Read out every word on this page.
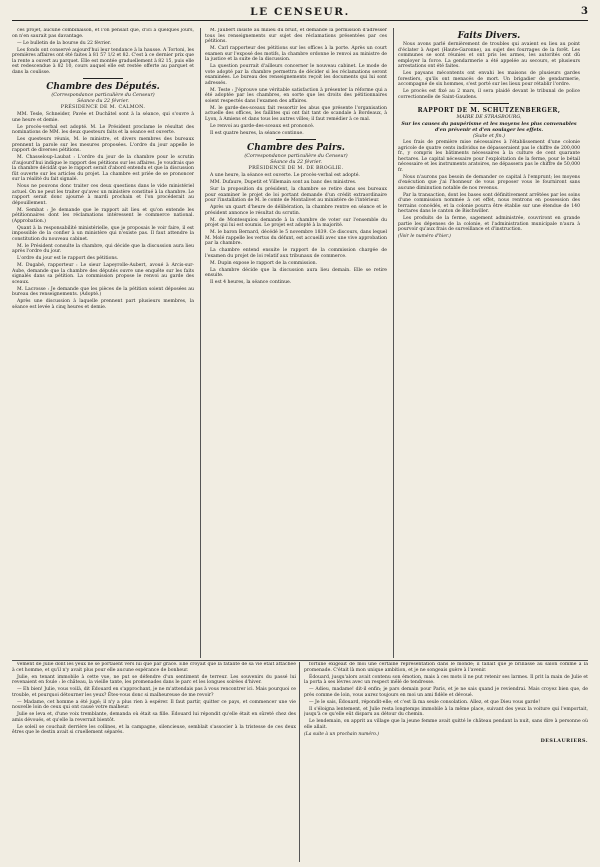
LE CENSEUR.	3

ces projet, aucune combinaison, et l'on pensait que, d'ici à quelques jours, on n'en saurait pas davantage.

— Le bulletin de la bourse du 22 février.

Les fonds ont conservé aujourd'hui leur tendance à la hausse. A Tortoni, les premières affaires ont été faites à 81 57 1/2 et 82. C'est à ce dernier prix que la rente a ouvert au parquet. Elle est montée graduellement à 82 15, puis elle est redescendue à 82 10, cours auquel elle est restée offerte au parquet et dans la coulisse.

Chambre des Députés.
(Correspondance particulière du Censeur)
Séance du 22 février.
PRÉSIDENCE DE M. CALMON.

MM. Tesle, Schneider, Pavée et Duchâtel sont à la séance, qui s'ouvre à une heure et demie.

Le procès-verbal est adopté. M. Le Président proclame le résultat des nominations de MM. les deux questeurs faits et la séance est ouverte.

Les questeurs réunis, M. le ministre, et divers membres des bureaux prennent la parole sur les mesures proposées. L'ordre du jour appelle le rapport de diverses pétitions.

M. Chasseloup-Laubat : L'ordre du jour de la chambre pour le scrutin d'aujourd'hui indique le rapport des pétitions sur les affaires. Je voudrais que la chambre décidât que le rapport serait d'abord entendu et que la discussion fût ouverte sur les articles du projet. La chambre est priée de se prononcer sur la réalité du fait signalé.

Nous ne pouvons donc traiter ces deux questions dans le vide ministériel actuel. On ne peut les traiter qu'avec un ministère constitué à la chambre. Le rapport serait donc ajourné à mardi prochain et l'on procéderait au dépouillement.

M. Sembat : Je demande que le rapport ait lieu et qu'on entende les pétitionnaires dont les réclamations intéressent le commerce national. (Approbation.)

Quant à la responsabilité ministérielle, que je proposais le voir faire, il est impossible de la confier à un ministère qui n'existe pas. Il faut attendre la constitution du nouveau cabinet.

M. le Président consulte la chambre, qui décide que la discussion aura lieu après l'ordre du jour.

L'ordre du jour est le rapport des pétitions.

M. Dugabé, rapporteur : Le sieur Lapeyrolle-Aubert, avoué à Arcis-sur-Aube, demande que la chambre des députés ouvre une enquête sur les faits signalés dans sa pétition. La commission propose le renvoi au garde des sceaux.

M. Lacrosse : Je demande que les pièces de la pétition soient déposées au bureau des renseignements. (Adopté.)

Après une discussion à laquelle prennent part plusieurs membres, la séance est levée à cinq heures et demie.

M. Jaubert insiste au milieu du bruit, et demande la permission d'adresser tous les renseignements sur sujet des réclamations présentées par ces pétitions.

M. Carl rapporteur des pétitions sur les offices à la porte. Après un court examen sur l'exposé des motifs, la chambre ordonne le renvoi au ministre de la justice et la suite de la discussion.

La question pourrait d'ailleurs concerner le nouveau cabinet. Le mode de vote adopté par la chambre permettra de décider si les réclamations seront examinées. Le bureau des renseignements reçoit les documents qui lui sont adressés.

M. Teste : J'éprouve une véritable satisfaction à présenter la réforme qui a été adoptée par les chambres, en sorte que les droits des pétitionnaires soient respectés dans l'examen des affaires.

M. le garde-des-sceaux fait ressortir les abus que présente l'organisation actuelle des offices, les faillites qui ont fait tant de scandale à Bordeaux, à Lyon, à Amiens et dans tous les autres villes; il faut remédier à ce mal.

Le renvoi au garde-des-sceaux est prononcé.

Il est quatre heures, la séance continue.

Chambre des Pairs.
(Correspondance particulière du Censeur)
Séance du 22 février.
PRÉSIDENCE DE M. DE BROGLIE.

A une heure, la séance est ouverte. Le procès-verbal est adopté.

MM. Dufaure, Dupetit et Villemain sont au banc des ministres.

Sur la proposition du président, la chambre se retire dans ses bureaux pour examiner le projet de loi portant demande d'un crédit extraordinaire pour l'installation de M. le comte de Montalivet au ministère de l'intérieur.

Après un quart d'heure de délibération, la chambre rentre en séance et le président annonce le résultat du scrutin.

M. de Montesquiou demande à la chambre de voter sur l'ensemble du projet qui lui est soumis. Le projet est adopté à la majorité.

M. le baron Bernard, décédé le 5 novembre 1839. Ce discours, dans lequel M. Molé rappelle les vertus du défunt, est accueilli avec une vive approbation par la chambre.

La chambre entend ensuite le rapport de la commission chargée de l'examen du projet de loi relatif aux tribunaux de commerce.

M. Dupin expose le rapport de la commission.

La chambre décide que la discussion aura lieu demain. Elle se retire ensuite.

Il est 4 heures, la séance continue.

Faits Divers.

Nous avons parlé dernièrement de troubles qui avaient eu lieu au point d'éclater à Aspet (Haute-Garonne), au sujet des fourrages de la forêt. Les communes se sont réunies et ont pris les armes, les autorités ont dû employer la force. La gendarmerie a été appelée au secours, et plusieurs arrestations ont été faites.

Les paysans mécontents ont envahi les maisons de plusieurs gardes forestiers, qu'ils ont menacés de mort. Un brigadier de gendarmerie, accompagné de six hommes, s'est porté sur les lieux pour rétablir l'ordre.

Le procès est fixé au 2 mars, il sera plaidé devant le tribunal de police correctionnelle de Saint-Gaudens.

RAPPORT DE M. SCHUTZENBERGER,
MAIRE DE STRASBOURG,
Sur les causes du paupérisme et les moyens les plus convenables d'en prévenir et d'en soulager les effets.
(Suite et fin.)

Les frais de première mise nécessaires à l'établissement d'une colonie agricole de quatre cents individus ne dépasseraient pas le chiffre de 200,000 fr., y compris les bâtiments nécessaires à la culture de cent quarante hectares. Le capital nécessaire pour l'exploitation de la ferme, pour le bétail nécessaire et les instruments aratoires, ne dépassera pas le chiffre de 50,000 fr.

Nous n'aurons pas besoin de demander ce capital à l'emprunt; les moyens d'exécution que j'ai l'honneur de vous proposer vous le fourniront sans aucune diminution notable de nos revenus.

Par la transaction, dont les bases sont définitivement arrêtées par les soins d'une commission nommée à cet effet, nous rentrons en possession des terrains concédés, et la colonie pourra être établie sur une étendue de 140 hectares dans le canton de Bischwiller.

Les produits de la ferme, sagement administrée, couvriront en grande partie les dépenses de la colonie, et l'administration municipale n'aura à pourvoir qu'aux frais de surveillance et d'instruction.

(Voir le numéro d'hier.)

vement de Julie dont les yeux ne se portaient vers lui que par grâce. Elle croyait que la fatalité de sa vie était attachée à cet homme, et qu'il n'y avait plus pour elle aucune espérance de bonheur.

Julie, en tenant immobile à cette vue, ne put se défendre d'un sentiment de terreur. Les souvenirs du passé lui revenaient en foule : le château, la vieille tante, les promenades dans le parc et les longues soirées d'hiver.

— Eh bien! Julie, vous voilà, dit Édouard en s'approchant, je ne m'attendais pas à vous rencontrer ici. Mais pourquoi ce trouble, et pourquoi détourner les yeux? Êtes-vous donc si malheureuse de me revoir?

— Madame, cet homme a été jugé; il n'y a plus rien à espérer. Il faut partir, quitter ce pays, et commencer une vie nouvelle loin de ceux qui ont causé votre malheur.

Julie se leva et, d'une voix tremblante, demanda où était sa fille. Édouard lui répondit qu'elle était en sûreté chez des amis dévoués, et qu'elle la reverrait bientôt.

Le soleil se couchait derrière les collines, et la campagne, silencieuse, semblait s'associer à la tristesse de ces deux êtres que le destin avait si cruellement séparés.

fortune exigeait de moi une certaine représentation dans le monde; il fallait que je brillasse au salon comme à la promenade. C'était là mon unique ambition, et je ne songeais guère à l'avenir.

Édouard, jusqu'alors avait contenu son émotion, mais à ces mots il ne put retenir ses larmes. Il prit la main de Julie et la porta à ses lèvres avec un respect mêlé de tendresse.

— Adieu, madame! dit-il enfin; je pars demain pour Paris, et je ne sais quand je reviendrai. Mais croyez bien que, de près comme de loin, vous aurez toujours en moi un ami fidèle et dévoué.

— Je le sais, Édouard, répondit-elle; et c'est là ma seule consolation. Allez, et que Dieu vous garde!

Il s'éloigna lentement, et Julie resta longtemps immobile à la même place, suivant des yeux la voiture qui l'emportait, jusqu'à ce qu'elle eût disparu au détour du chemin.

Le lendemain, on apprit au village que la jeune femme avait quitté le château pendant la nuit, sans dire à personne où elle allait.

(La suite à un prochain numéro.)
DESLAURIERS.
